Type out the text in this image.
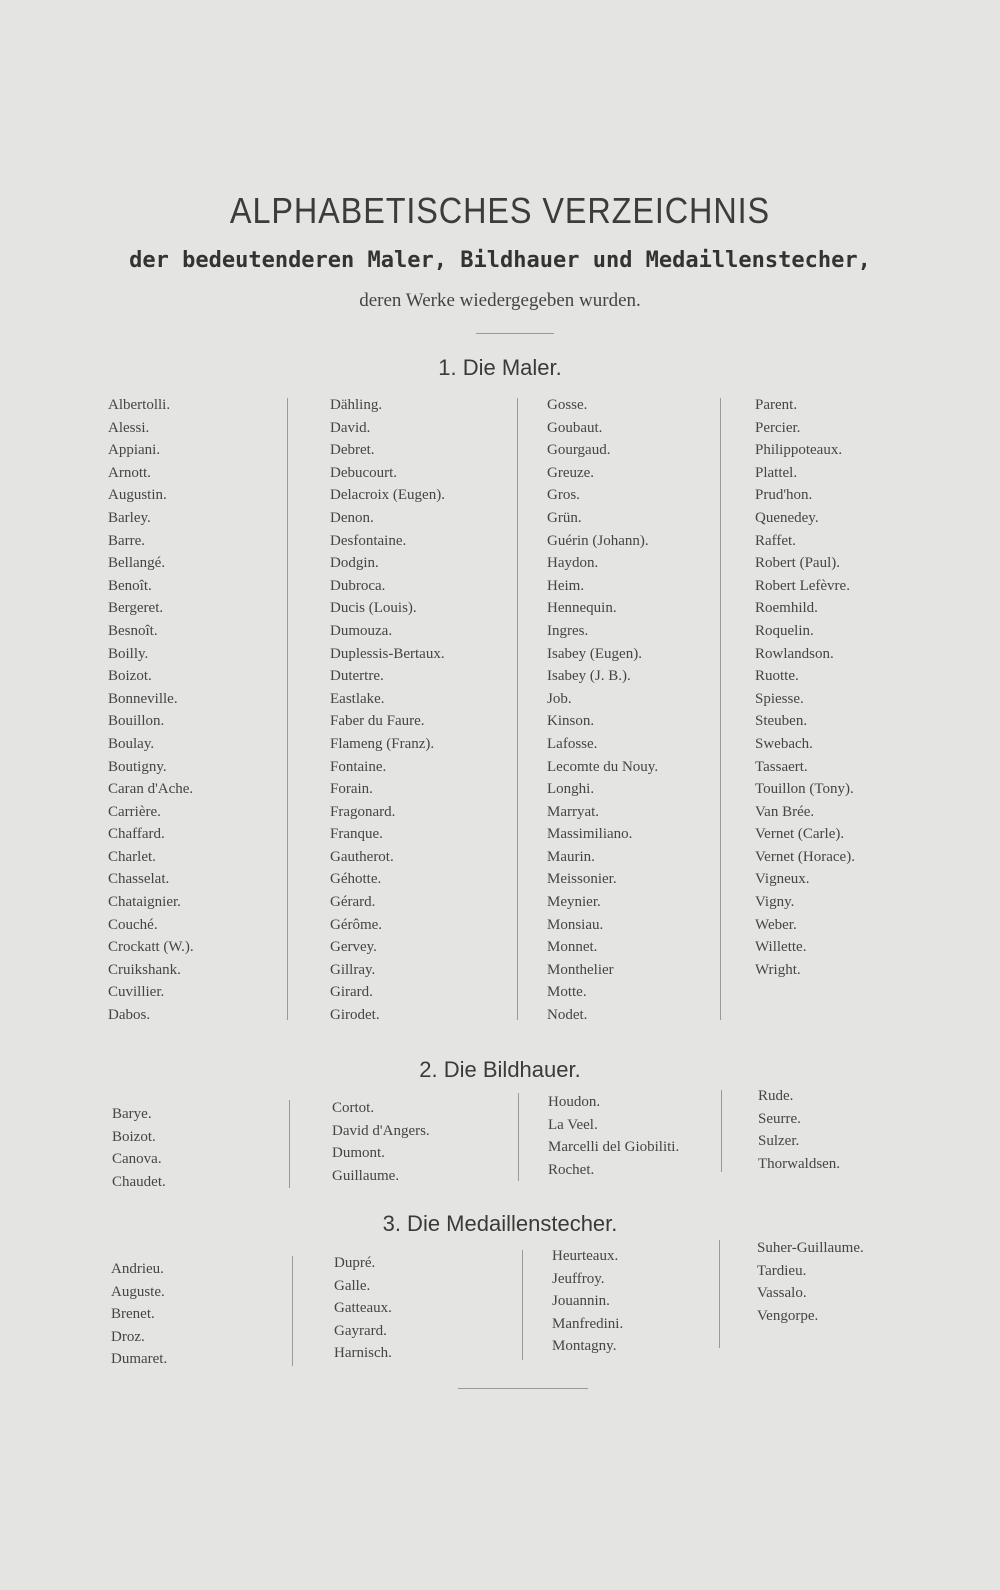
ALPHABETISCHES VERZEICHNIS
der bedeutenderen Maler, Bildhauer und Medaillenstecher,
deren Werke wiedergegeben wurden.
1. Die Maler.
Albertolli.
Alessi.
Appiani.
Arnott.
Augustin.
Barley.
Barre.
Bellangé.
Benoît.
Bergeret.
Besnoît.
Boilly.
Boizot.
Bonneville.
Bouillon.
Boulay.
Boutigny.
Caran d'Ache.
Carrière.
Chaffard.
Charlet.
Chasselat.
Chataignier.
Couché.
Crockatt (W.).
Cruikshank.
Cuvillier.
Dabos.
Dähling.
David.
Debret.
Debucourt.
Delacroix (Eugen).
Denon.
Desfontaine.
Dodgin.
Dubroca.
Ducis (Louis).
Dumouza.
Duplessis-Bertaux.
Dutertre.
Eastlake.
Faber du Faure.
Flameng (Franz).
Fontaine.
Forain.
Fragonard.
Franque.
Gautherot.
Géhotte.
Gérard.
Gérôme.
Gervey.
Gillray.
Girard.
Girodet.
Gosse.
Goubaut.
Gourgaud.
Greuze.
Gros.
Grün.
Guérin (Johann).
Haydon.
Heim.
Hennequin.
Ingres.
Isabey (Eugen).
Isabey (J. B.).
Job.
Kinson.
Lafosse.
Lecomte du Nouy.
Longhi.
Marryat.
Massimiliano.
Maurin.
Meissonier.
Meynier.
Monsiau.
Monnet.
Monthelier
Motte.
Nodet.
Parent.
Percier.
Philippoteaux.
Plattel.
Prud'hon.
Quenedey.
Raffet.
Robert (Paul).
Robert Lefèvre.
Roemhild.
Roquelin.
Rowlandson.
Ruotte.
Spiesse.
Steuben.
Swebach.
Tassaert.
Touillon (Tony).
Van Brée.
Vernet (Carle).
Vernet (Horace).
Vigneux.
Vigny.
Weber.
Willette.
Wright.
2. Die Bildhauer.
Barye.
Boizot.
Canova.
Chaudet.
Cortot.
David d'Angers.
Dumont.
Guillaume.
Houdon.
La Veel.
Marcelli del Giobiliti.
Rochet.
Rude.
Seurre.
Sulzer.
Thorwaldsen.
3. Die Medaillenstecher.
Andrieu.
Auguste.
Brenet.
Droz.
Dumaret.
Dupré.
Galle.
Gatteaux.
Gayrard.
Harnisch.
Heurteaux.
Jeuffroy.
Jouannin.
Manfredini.
Montagny.
Suher-Guillaume.
Tardieu.
Vassalo.
Vengorpe.
